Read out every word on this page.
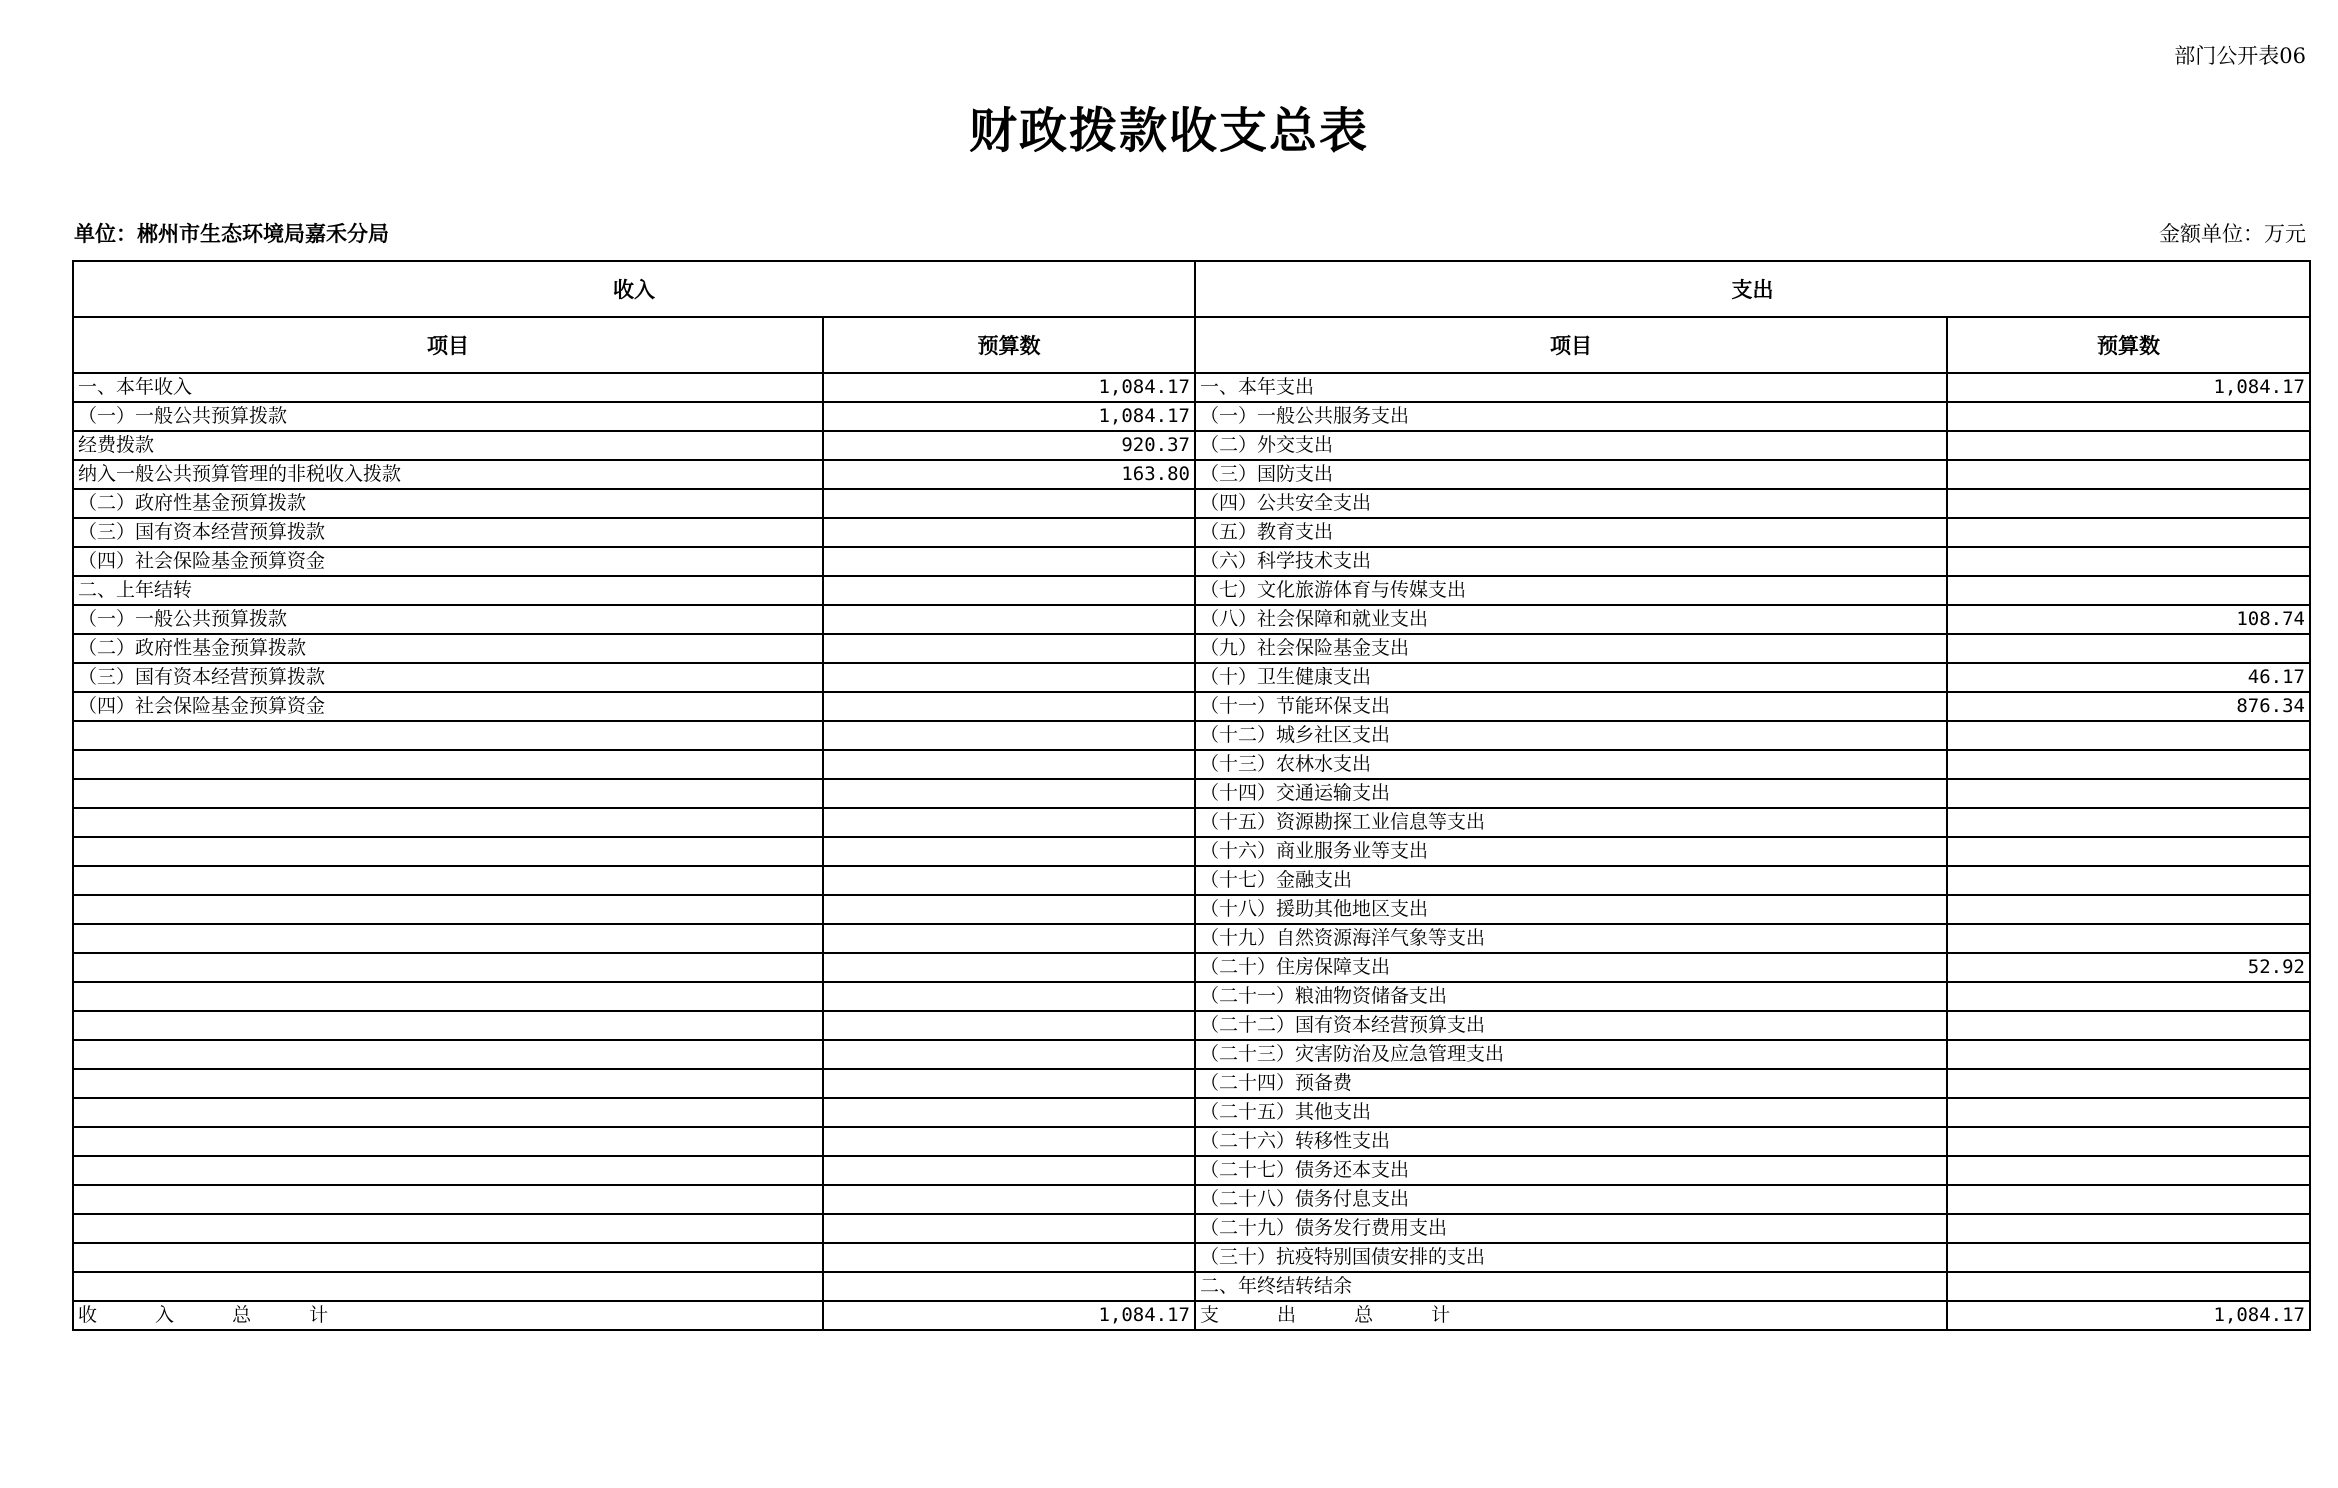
部门公开表06
财政拨款收支总表
单位：郴州市生态环境局嘉禾分局	金额单位：万元
收入		支出	
项目	预算数	项目	预算数
一、本年收入	1,084.17	一、本年支出	1,084.17
（一）一般公共预算拨款	1,084.17	（一）一般公共服务支出	
经费拨款	920.37	（二）外交支出	
纳入一般公共预算管理的非税收入拨款	163.80	（三）国防支出	
（二）政府性基金预算拨款		（四）公共安全支出	
（三）国有资本经营预算拨款		（五）教育支出	
（四）社会保险基金预算资金		（六）科学技术支出	
二、上年结转		（七）文化旅游体育与传媒支出	
（一）一般公共预算拨款		（八）社会保障和就业支出	108.74
（二）政府性基金预算拨款		（九）社会保险基金支出	
（三）国有资本经营预算拨款		（十）卫生健康支出	46.17
（四）社会保险基金预算资金		（十一）节能环保支出	876.34
		（十二）城乡社区支出	
		（十三）农林水支出	
		（十四）交通运输支出	
		（十五）资源勘探工业信息等支出	
		（十六）商业服务业等支出	
		（十七）金融支出	
		（十八）援助其他地区支出	
		（十九）自然资源海洋气象等支出	
		（二十）住房保障支出	52.92
		（二十一）粮油物资储备支出	
		（二十二）国有资本经营预算支出	
		（二十三）灾害防治及应急管理支出	
		（二十四）预备费	
		（二十五）其他支出	
		（二十六）转移性支出	
		（二十七）债务还本支出	
		（二十八）债务付息支出	
		（二十九）债务发行费用支出	
		（三十）抗疫特别国债安排的支出	
		二、年终结转结余	
收 入 总 计	1,084.17	支 出 总 计	1,084.17
